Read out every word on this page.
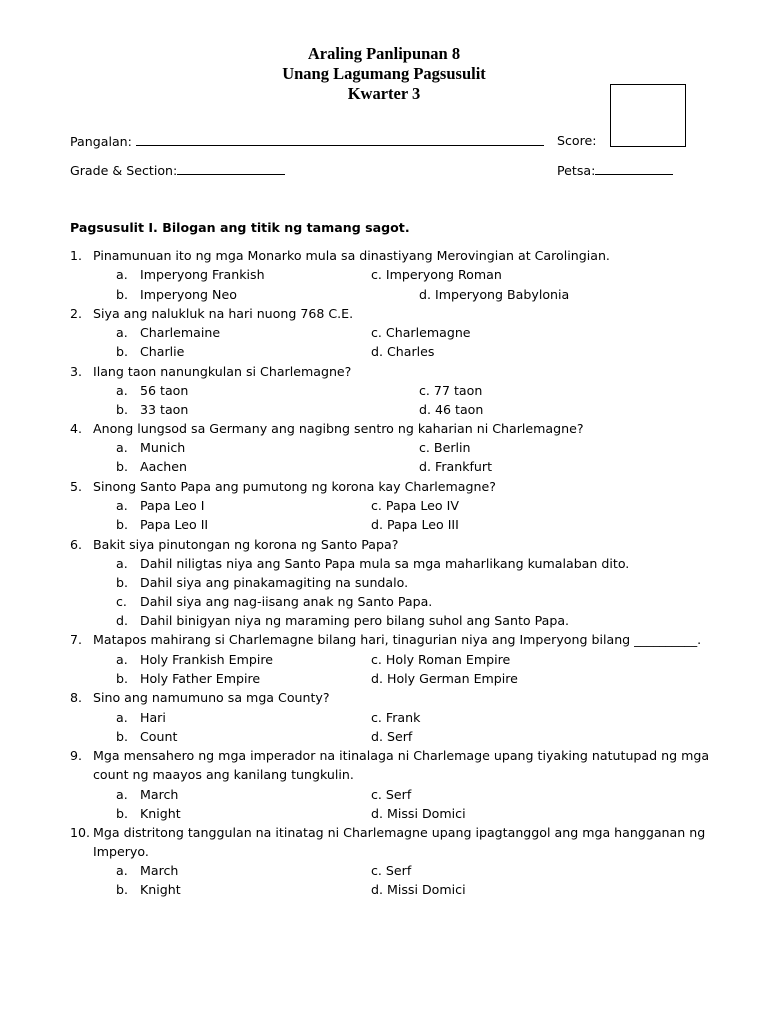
Araling Panlipunan 8
Unang Lagumang Pagsusulit
Kwarter 3
Pangalan:	Score:
Grade & Section:	Petsa:
Pagsusulit I. Bilogan ang titik ng tamang sagot.
1. Pinamunuan ito ng mga Monarko mula sa dinastiyang Merovingian at Carolingian.
a. Imperyong Frankish	c. Imperyong Roman
b. Imperyong Neo	d. Imperyong Babylonia
2. Siya ang nalukluk na hari nuong 768 C.E.
a. Charlemaine	c. Charlemagne
b. Charlie	d. Charles
3. Ilang taon nanungkulan si Charlemagne?
a. 56 taon	c. 77 taon
b. 33 taon	d. 46 taon
4. Anong lungsod sa Germany ang nagibng sentro ng kaharian ni Charlemagne?
a. Munich	c. Berlin
b. Aachen	d. Frankfurt
5. Sinong Santo Papa ang pumutong ng korona kay Charlemagne?
a. Papa Leo I	c. Papa Leo IV
b. Papa Leo II	d. Papa Leo III
6. Bakit siya pinutongan ng korona ng Santo Papa?
a. Dahil niligtas niya ang Santo Papa mula sa mga maharlikang kumalaban dito.
b. Dahil siya ang pinakamagiting na sundalo.
c. Dahil siya ang nag-iisang anak ng Santo Papa.
d. Dahil binigyan niya ng maraming pero bilang suhol ang Santo Papa.
7. Matapos mahirang si Charlemagne bilang hari, tinagurian niya ang Imperyong bilang __________.
a. Holy Frankish Empire	c. Holy Roman Empire
b. Holy Father Empire	d. Holy German Empire
8. Sino ang namumuno sa mga County?
a. Hari	c. Frank
b. Count	d. Serf
9. Mga mensahero ng mga imperador na itinalaga ni Charlemage upang tiyaking natutupad ng mga
count ng maayos ang kanilang tungkulin.
a. March	c. Serf
b. Knight	d. Missi Domici
10. Mga distritong tanggulan na itinatag ni Charlemagne upang ipagtanggol ang mga hangganan ng
Imperyo.
a. March	c. Serf
b. Knight	d. Missi Domici
